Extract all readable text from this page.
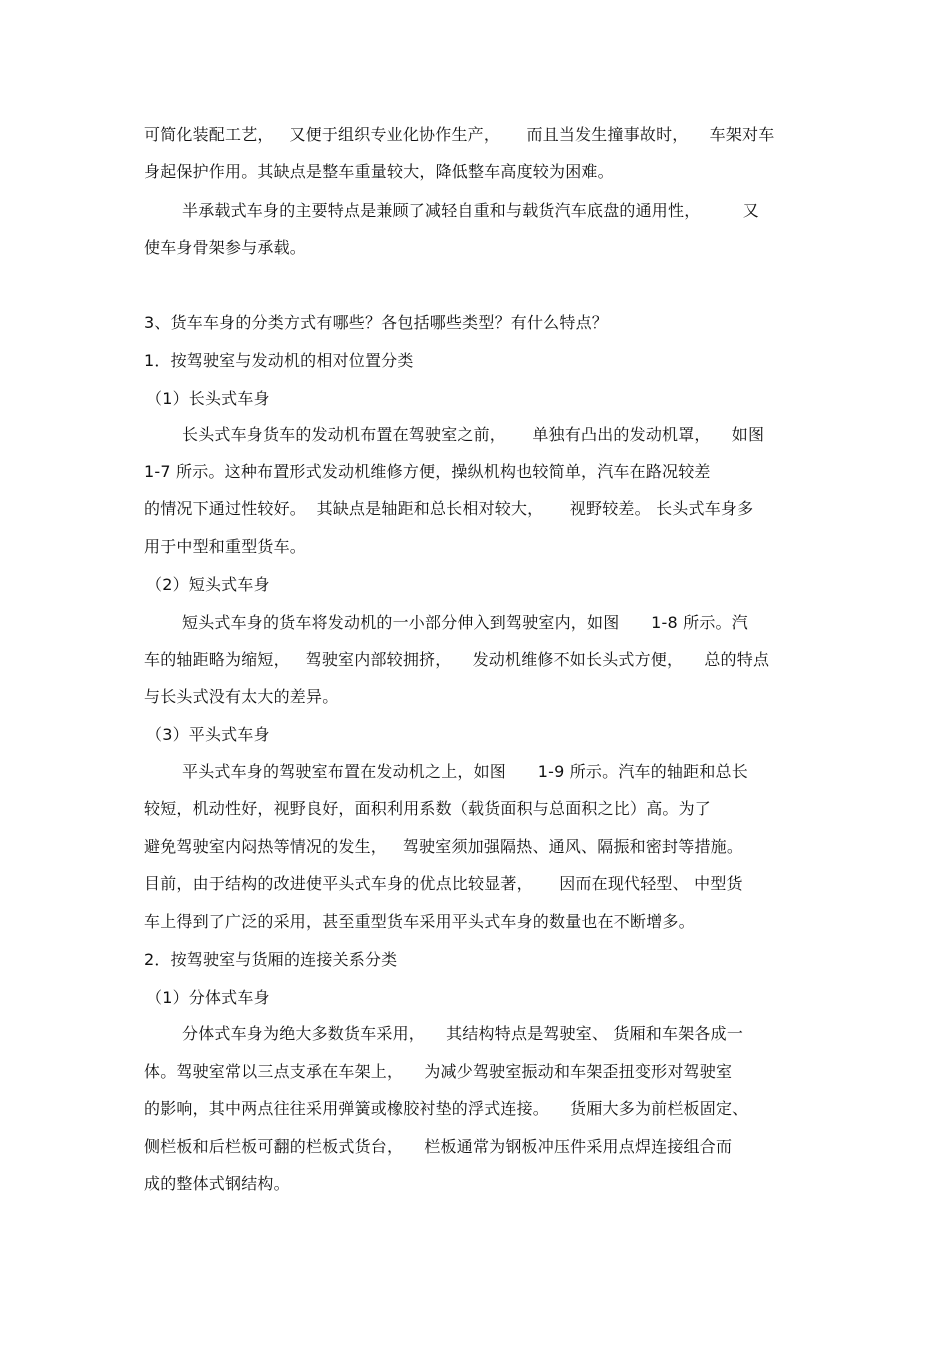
可简化装配工艺，   又便于组织专业化协作生产，     而且当发生撞事故时，    车架对车
身起保护作用。其缺点是整车重量较大，降低整车高度较为困难。
半承载式车身的主要特点是兼顾了减轻自重和与载货汽车底盘的通用性，        又
使车身骨架参与承载。
3、货车车身的分类方式有哪些？各包括哪些类型？有什么特点？
1．按驾驶室与发动机的相对位置分类
（1）长头式车身
长头式车身货车的发动机布置在驾驶室之前，     单独有凸出的发动机罩，    如图
1-7 所示。这种布置形式发动机维修方便，操纵机构也较简单，汽车在路况较差
的情况下通过性较好。  其缺点是轴距和总长相对较大，     视野较差。 长头式车身多
用于中型和重型货车。
（2）短头式车身
短头式车身的货车将发动机的一小部分伸入到驾驶室内，如图      1-8 所示。汽
车的轴距略为缩短，   驾驶室内部较拥挤，    发动机维修不如长头式方便，    总的特点
与长头式没有太大的差异。
（3）平头式车身
平头式车身的驾驶室布置在发动机之上，如图      1-9 所示。汽车的轴距和总长
较短，机动性好，视野良好，面积利用系数（载货面积与总面积之比）高。为了
避免驾驶室内闷热等情况的发生，   驾驶室须加强隔热、通风、隔振和密封等措施。
目前，由于结构的改进使平头式车身的优点比较显著，     因而在现代轻型、 中型货
车上得到了广泛的采用，甚至重型货车采用平头式车身的数量也在不断增多。
2．按驾驶室与货厢的连接关系分类
（1）分体式车身
分体式车身为绝大多数货车采用，    其结构特点是驾驶室、 货厢和车架各成一
体。驾驶室常以三点支承在车架上，    为减少驾驶室振动和车架歪扭变形对驾驶室
的影响，其中两点往往采用弹簧或橡胶衬垫的浮式连接。    货厢大多为前栏板固定、
侧栏板和后栏板可翻的栏板式货台，    栏板通常为钢板冲压件采用点焊连接组合而
成的整体式钢结构。
